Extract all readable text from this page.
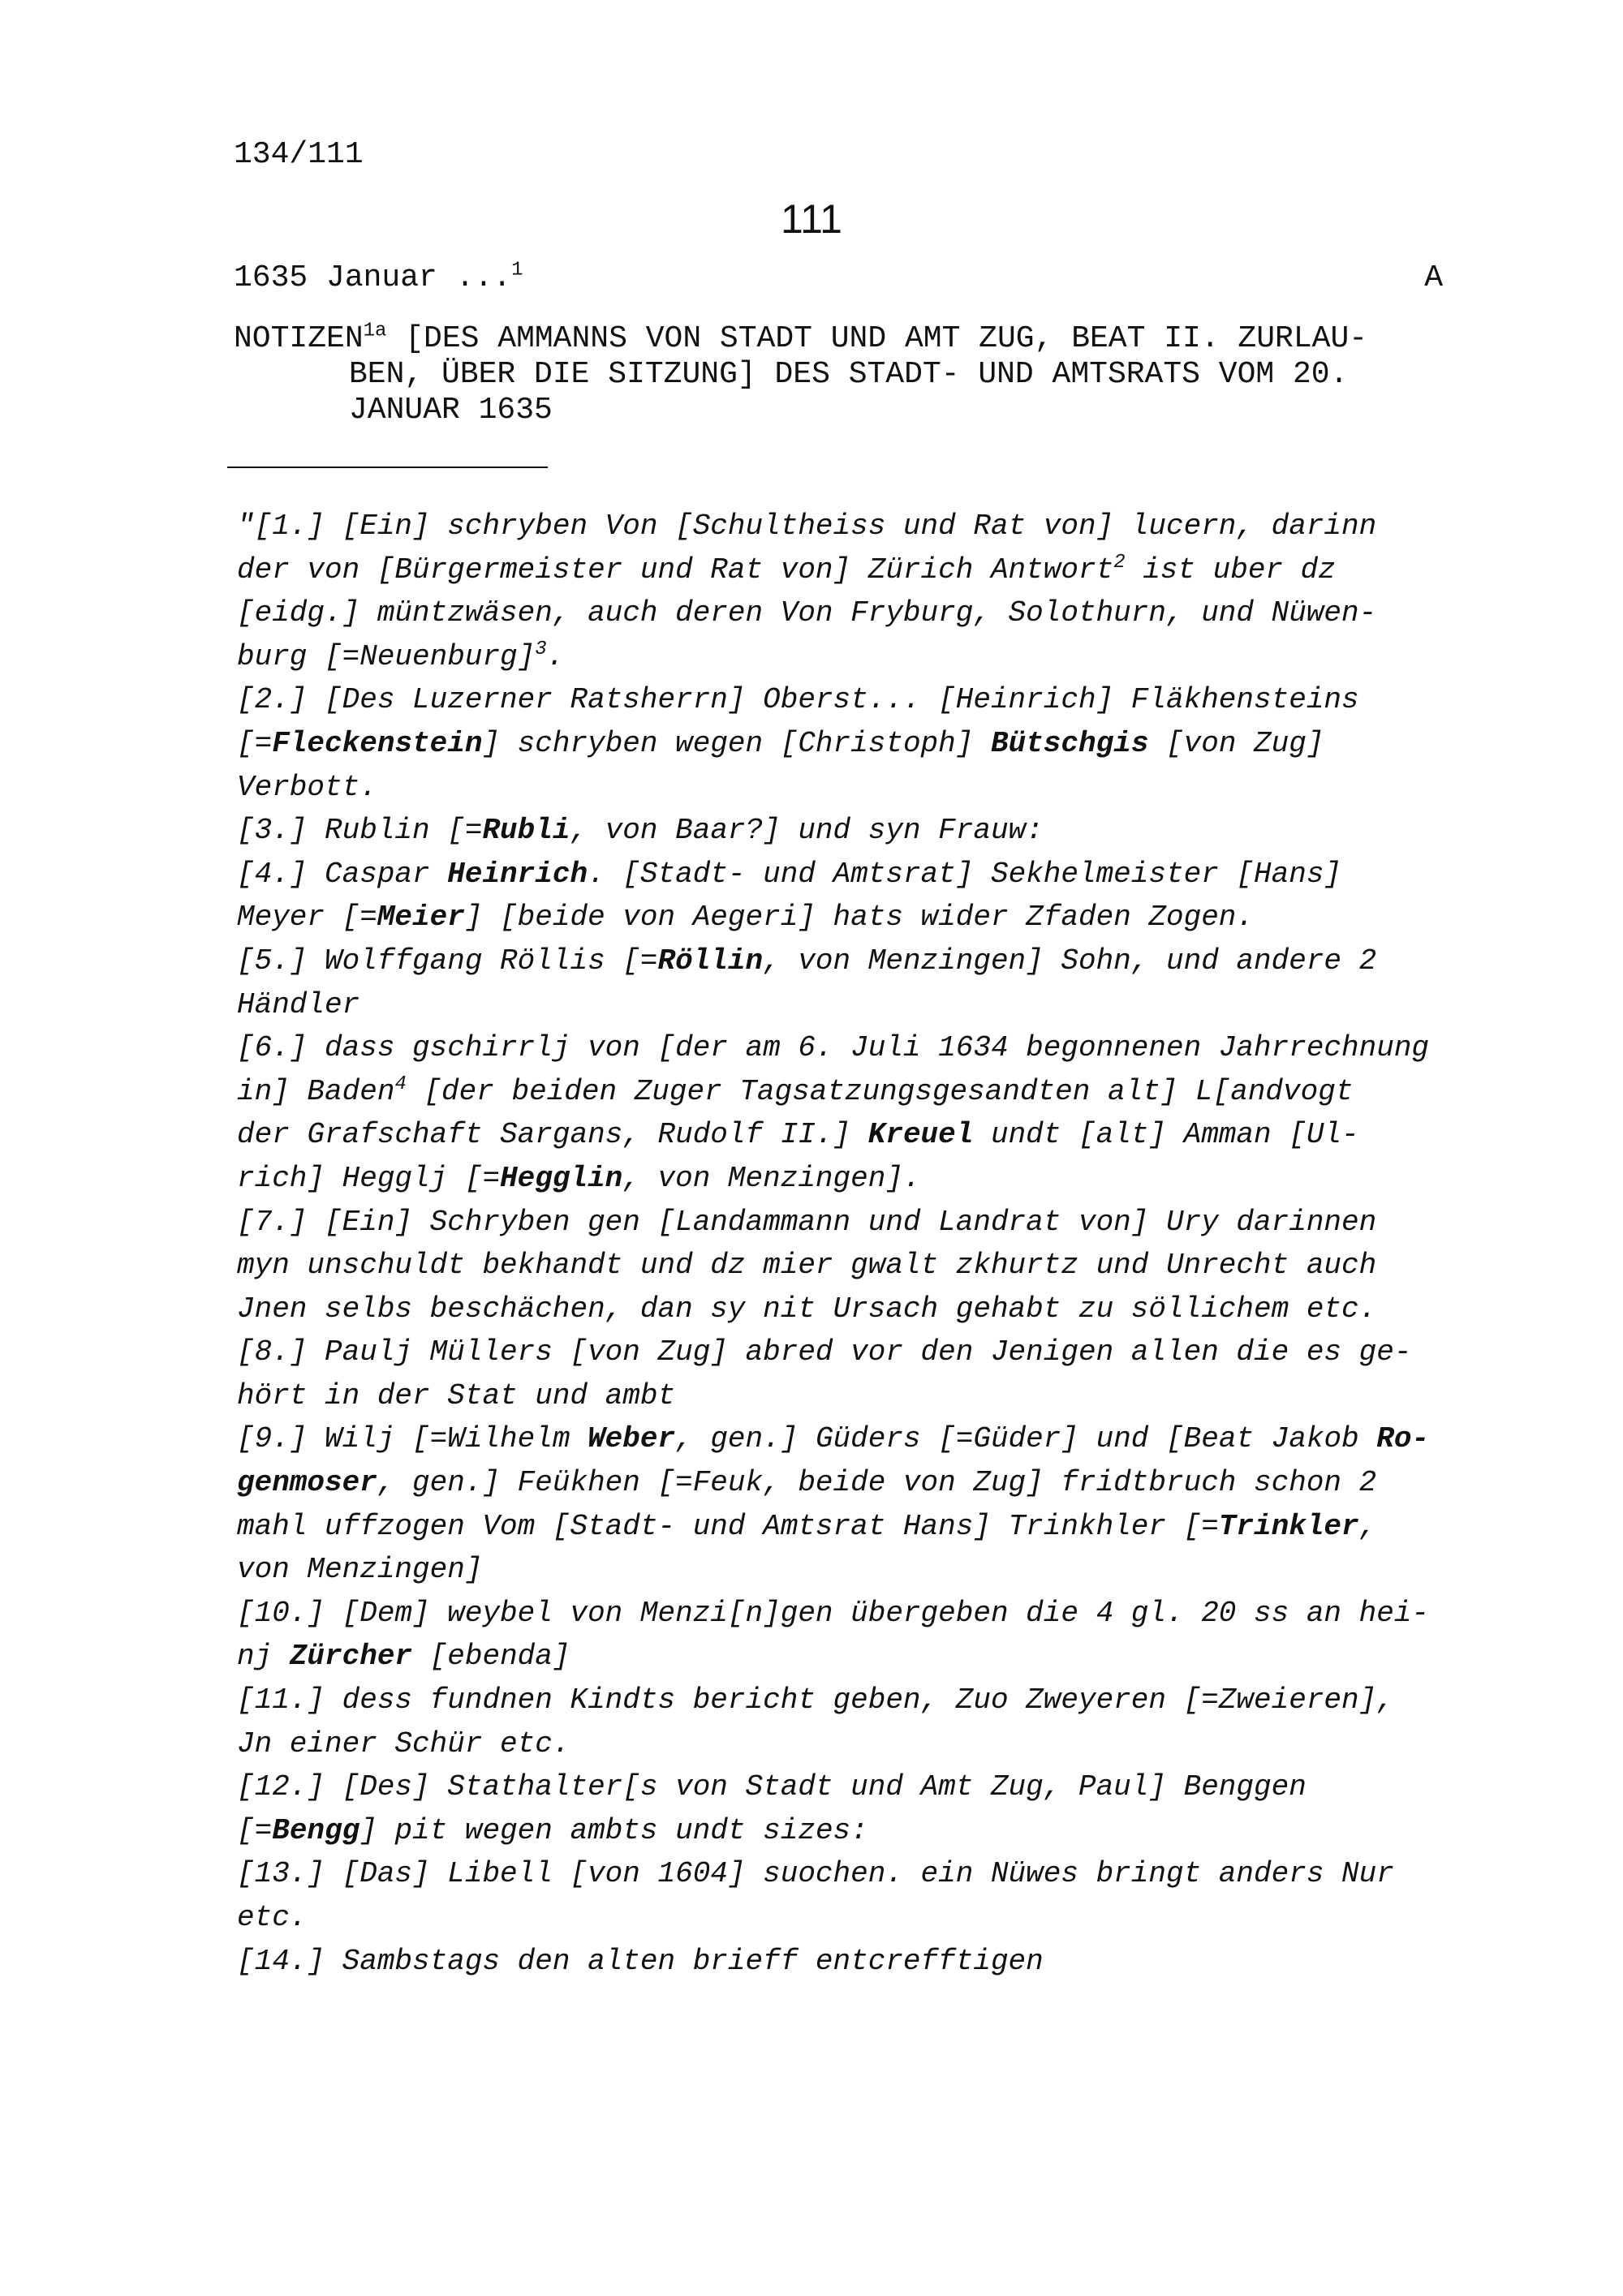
134/111
111
1635 Januar ...$^1$	A
$NOTIZEN^{1a}$ [DES AMMANNS VON STADT UND AMT ZUG, BEAT II. ZURLAU-
BEN, ÜBER DIE SITZUNG] DES STADT- UND AMTSRATS VOM 20.
JANUAR 1635
"[1.] [Ein] schryben Von [Schultheiss und Rat von] lucern, darinn
der von [Bürgermeister und Rat von] Zürich Antwort$^2$ ist uber dz
[eidg.] müntzwäsen, auch deren Von Fryburg, Solothurn, und Nüwen-
burg [=Neuenburg]$^3$.
[2.] [Des Luzerner Ratsherrn] Oberst... [Heinrich] Fläkhensteins
[=Fleckenstein] schryben wegen [Christoph] Bütschgis [von Zug]
Verbott.
[3.] Rublin [=Rubli, von Baar?] und syn Frauw:
[4.] Caspar Heinrich. [Stadt- und Amtsrat] Sekhelmeister [Hans]
Meyer [=Meier] [beide von Aegeri] hats wider Zfaden Zogen.
[5.] Wolffgang Röllis [=Röllin, von Menzingen] Sohn, und andere 2
Händler
[6.] dass gschirrlj von [der am 6. Juli 1634 begonnenen Jahrrechnung
in] Baden$^4$ [der beiden Zuger Tagsatzungsgesandten alt] L[andvogt
der Grafschaft Sargans, Rudolf II.] Kreuel undt [alt] Amman [Ul-
rich] Hegglj [=Hegglin, von Menzingen].
[7.] [Ein] Schryben gen [Landammann und Landrat von] Ury darinnen
myn unschuldt bekhandt und dz mier gwalt zkhurtz und Unrecht auch
Jnen selbs beschächen, dan sy nit Ursach gehabt zu söllichem etc.
[8.] Paulj Müllers [von Zug] abred vor den Jenigen allen die es ge-
hört in der Stat und ambt
[9.] Wilj [=Wilhelm Weber, gen.] Güders [=Güder] und [Beat Jakob Ro-
genmoser, gen.] Feükhen [=Feuk, beide von Zug] fridtbruch schon 2
mahl uffzogen Vom [Stadt- und Amtsrat Hans] Trinkhler [=Trinkler,
von Menzingen]
[10.] [Dem] weybel von Menzi[n]gen übergeben die 4 gl. 20 ss an hei-
nj Zürcher [ebenda]
[11.] dess fundnen Kindts bericht geben, Zuo Zweyeren [=Zweieren],
Jn einer Schür etc.
[12.] [Des] Stathalter[s von Stadt und Amt Zug, Paul] Benggen
[=Bengg] pit wegen ambts undt sizes:
[13.] [Das] Libell [von 1604] suochen. ein Nüwes bringt anders Nur
etc.
[14.] Sambstags den alten brieff entcrefftigen
